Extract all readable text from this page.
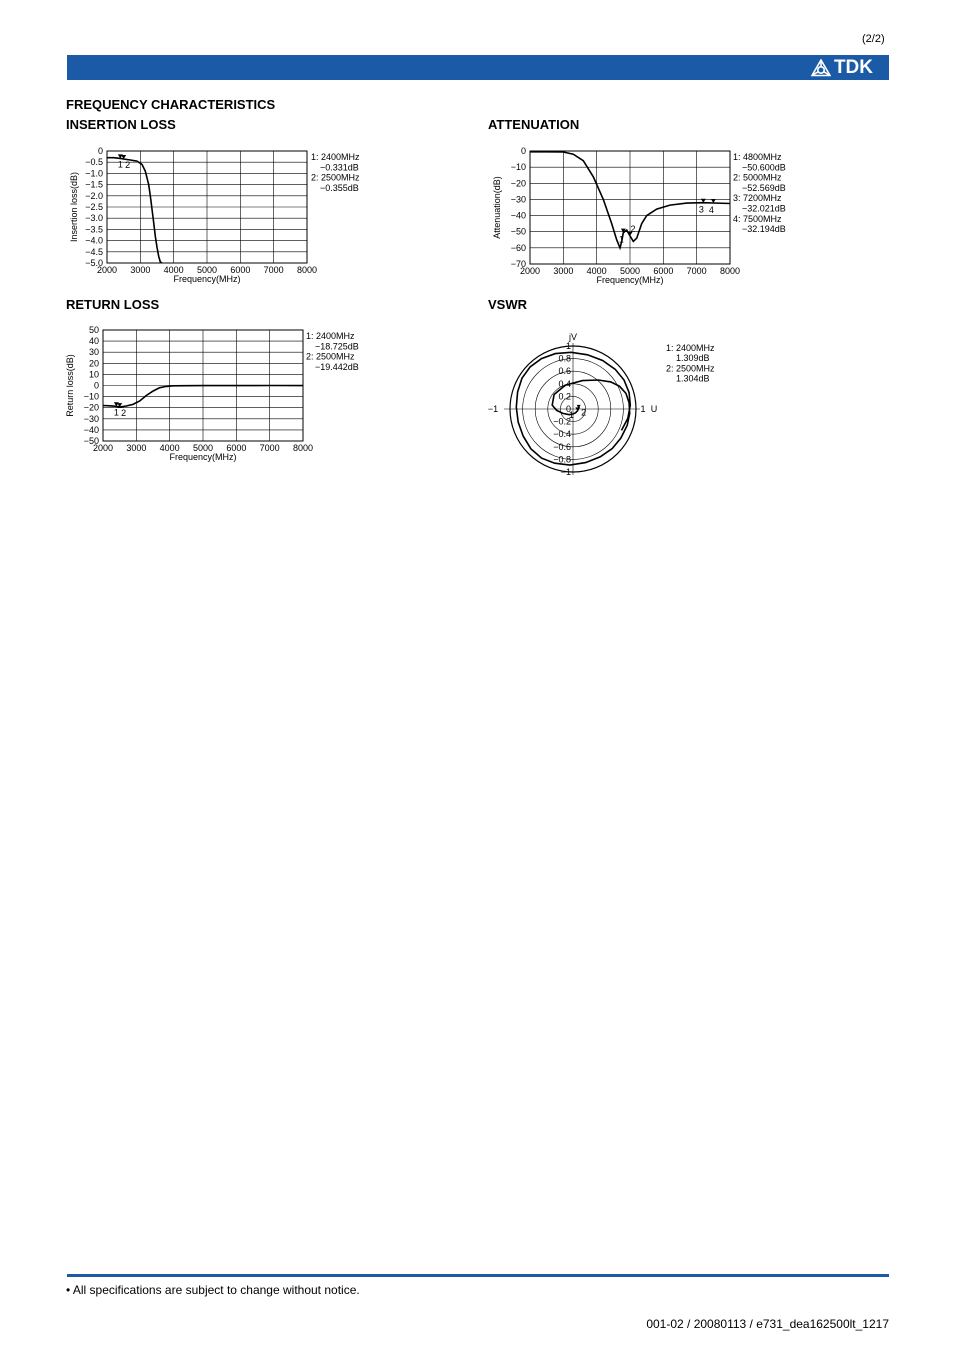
(2/2)
TDK
FREQUENCY CHARACTERISTICS
INSERTION LOSS	ATTENUATION
RETURN LOSS	VSWR
0
−0.5
−1.0
−1.5
−2.0
−2.5
−3.0
−3.5
−4.0
−4.5
−5.0
2000 3000 4000 5000 6000 7000 8000
Frequency(MHz)
Insertion loss(dB)
1 2
1: 2400MHz
−0.331dB
2: 2500MHz
−0.355dB
0
−10
−20
−30
−40
−50
−60
−70
2000 3000 4000 5000 6000 7000 8000
Frequency(MHz)
Attenuation(dB)
1
2
3 4
1: 4800MHz
−50.600dB
2: 5000MHz
−52.569dB
3: 7200MHz
−32.021dB
4: 7500MHz
−32.194dB
50
40
30
20
10
0
−10
−20
−30
−40
−50
2000 3000 4000 5000 6000 7000 8000
Frequency(MHz)
Return loss(dB)	1 2
1: 2400MHz
−18.725dB
2: 2500MHz
−19.442dB
1
0.8
0.6
0.4
0.2
0
−0.2
−0.4
−0.6
−0.8
−1
jV
−1	1 U
1 2
1: 2400MHz
1.309dB
2: 2500MHz
1.304dB
• All specifications are subject to change without notice.
001-02 / 20080113 / e731_dea162500lt_1217
